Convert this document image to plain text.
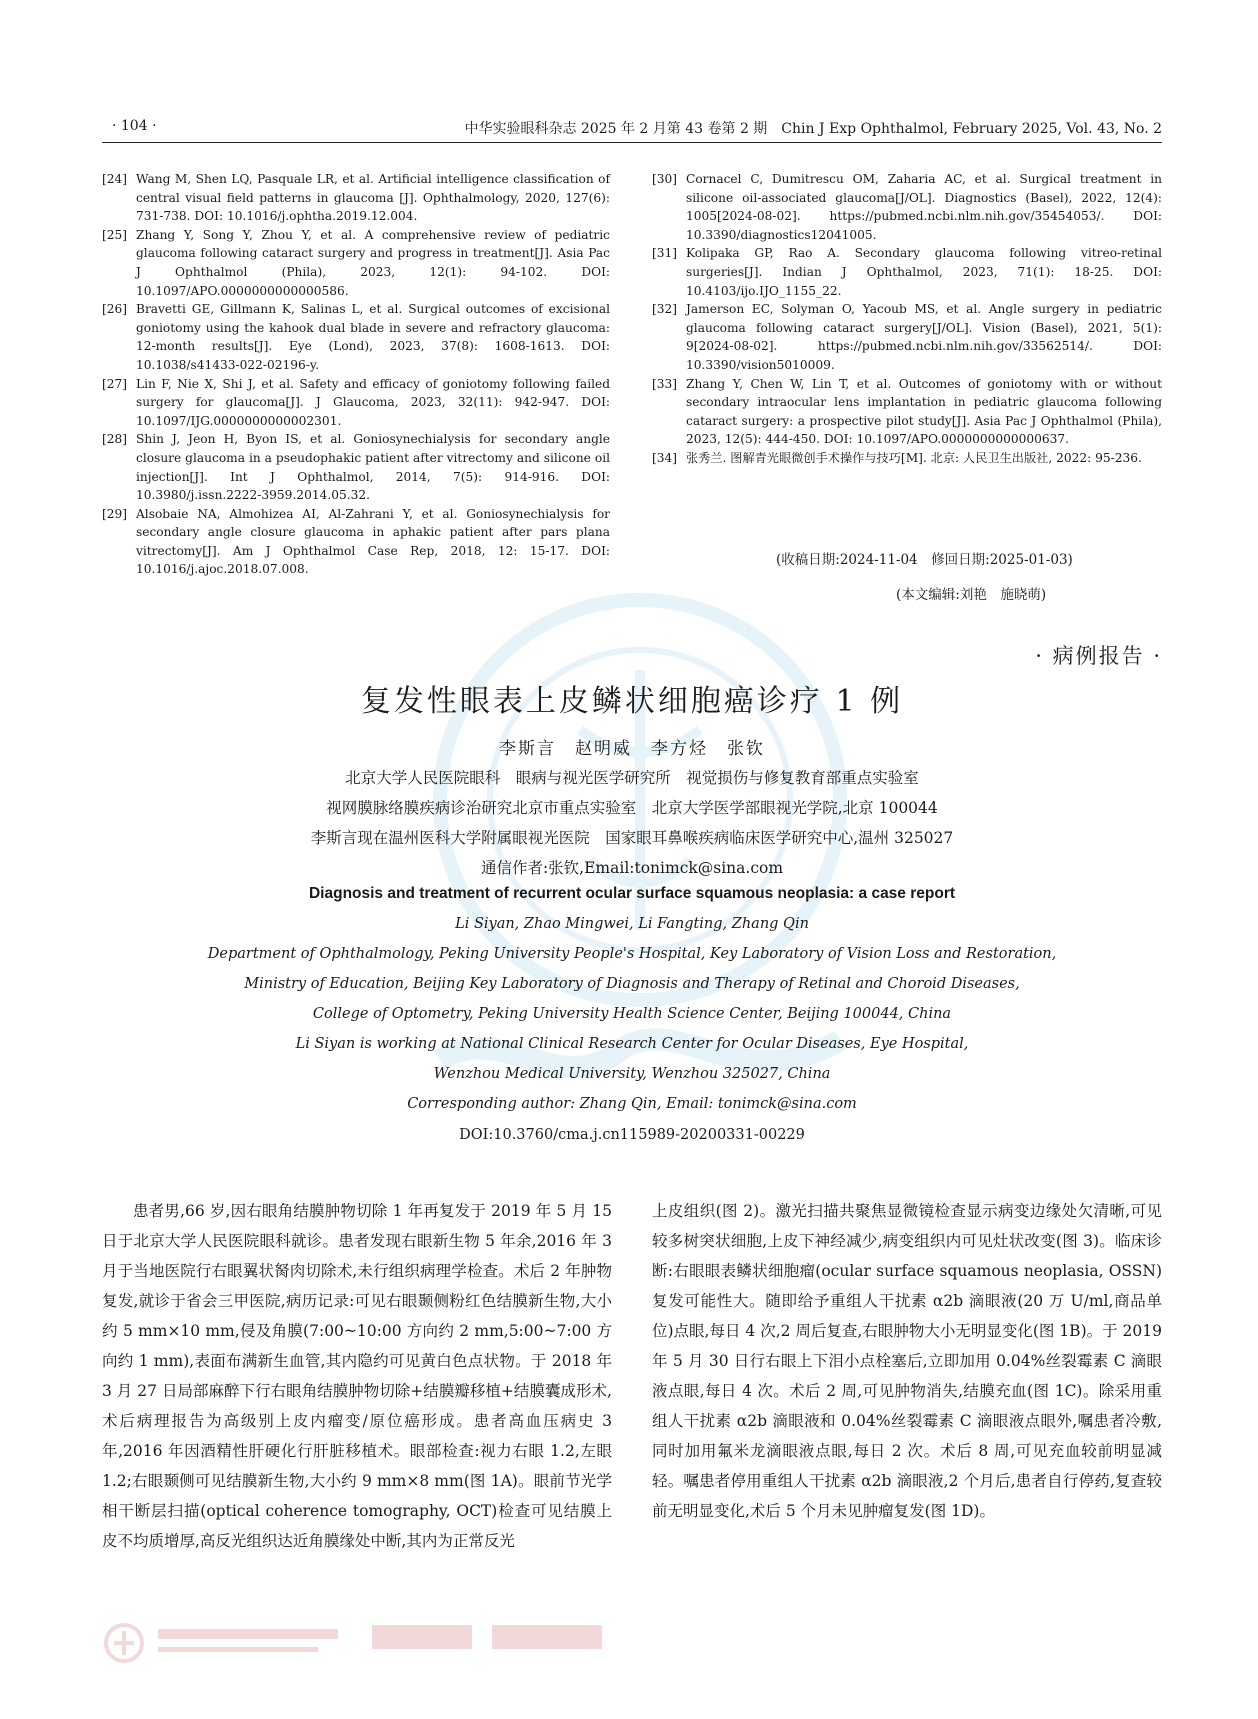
· 104 ·	中华实验眼科杂志 2025 年 2 月第 43 卷第 2 期　Chin J Exp Ophthalmol, February 2025, Vol. 43, No. 2
[24] Wang M, Shen LQ, Pasquale LR, et al. Artificial intelligence classification of central visual field patterns in glaucoma [J]. Ophthalmology, 2020, 127(6): 731-738. DOI: 10.1016/j.ophtha.2019.12.004.
[25] Zhang Y, Song Y, Zhou Y, et al. A comprehensive review of pediatric glaucoma following cataract surgery and progress in treatment[J]. Asia Pac J Ophthalmol (Phila), 2023, 12(1): 94-102. DOI: 10.1097/APO.0000000000000586.
[26] Bravetti GE, Gillmann K, Salinas L, et al. Surgical outcomes of excisional goniotomy using the kahook dual blade in severe and refractory glaucoma: 12-month results[J]. Eye (Lond), 2023, 37(8): 1608-1613. DOI: 10.1038/s41433-022-02196-y.
[27] Lin F, Nie X, Shi J, et al. Safety and efficacy of goniotomy following failed surgery for glaucoma[J]. J Glaucoma, 2023, 32(11): 942-947. DOI: 10.1097/IJG.0000000000002301.
[28] Shin J, Jeon H, Byon IS, et al. Goniosynechialysis for secondary angle closure glaucoma in a pseudophakic patient after vitrectomy and silicone oil injection[J]. Int J Ophthalmol, 2014, 7(5): 914-916. DOI: 10.3980/j.issn.2222-3959.2014.05.32.
[29] Alsobaie NA, Almohizea AI, Al-Zahrani Y, et al. Goniosynechialysis for secondary angle closure glaucoma in aphakic patient after pars plana vitrectomy[J]. Am J Ophthalmol Case Rep, 2018, 12: 15-17. DOI: 10.1016/j.ajoc.2018.07.008.
[30] Cornacel C, Dumitrescu OM, Zaharia AC, et al. Surgical treatment in silicone oil-associated glaucoma[J/OL]. Diagnostics (Basel), 2022, 12(4): 1005[2024-08-02]. https://pubmed.ncbi.nlm.nih.gov/35454053/. DOI: 10.3390/diagnostics12041005.
[31] Kolipaka GP, Rao A. Secondary glaucoma following vitreo-retinal surgeries[J]. Indian J Ophthalmol, 2023, 71(1): 18-25. DOI: 10.4103/ijo.IJO_1155_22.
[32] Jamerson EC, Solyman O, Yacoub MS, et al. Angle surgery in pediatric glaucoma following cataract surgery[J/OL]. Vision (Basel), 2021, 5(1): 9[2024-08-02]. https://pubmed.ncbi.nlm.nih.gov/33562514/. DOI: 10.3390/vision5010009.
[33] Zhang Y, Chen W, Lin T, et al. Outcomes of goniotomy with or without secondary intraocular lens implantation in pediatric glaucoma following cataract surgery: a prospective pilot study[J]. Asia Pac J Ophthalmol (Phila), 2023, 12(5): 444-450. DOI: 10.1097/APO.0000000000000637.
[34] 张秀兰. 图解青光眼微创手术操作与技巧[M]. 北京: 人民卫生出版社, 2022: 95-236.
(收稿日期:2024-11-04　修回日期:2025-01-03)
(本文编辑:刘艳　施晓萌)
· 病例报告 ·
复发性眼表上皮鳞状细胞癌诊疗 1 例
李斯言　赵明威　李方烃　张钦
北京大学人民医院眼科　眼病与视光医学研究所　视觉损伤与修复教育部重点实验室
视网膜脉络膜疾病诊治研究北京市重点实验室　北京大学医学部眼视光学院,北京 100044
李斯言现在温州医科大学附属眼视光医院　国家眼耳鼻喉疾病临床医学研究中心,温州 325027
通信作者:张钦,Email:tonimck@sina.com
Diagnosis and treatment of recurrent ocular surface squamous neoplasia: a case report
Li Siyan, Zhao Mingwei, Li Fangting, Zhang Qin
Department of Ophthalmology, Peking University People's Hospital, Key Laboratory of Vision Loss and Restoration,
Ministry of Education, Beijing Key Laboratory of Diagnosis and Therapy of Retinal and Choroid Diseases,
College of Optometry, Peking University Health Science Center, Beijing 100044, China
Li Siyan is working at National Clinical Research Center for Ocular Diseases, Eye Hospital,
Wenzhou Medical University, Wenzhou 325027, China
Corresponding author: Zhang Qin, Email: tonimck@sina.com
DOI:10.3760/cma.j.cn115989-20200331-00229

患者男,66 岁,因右眼角结膜肿物切除 1 年再复发于 2019 年 5 月 15 日于北京大学人民医院眼科就诊。患者发现右眼新生物 5 年余,2016 年 3 月于当地医院行右眼翼状胬肉切除术,未行组织病理学检查。术后 2 年肿物复发,就诊于省会三甲医院,病历记录:可见右眼颞侧粉红色结膜新生物,大小约 5 mm×10 mm,侵及角膜(7:00~10:00 方向约 2 mm,5:00~7:00 方向约 1 mm),表面布满新生血管,其内隐约可见黄白色点状物。于 2018 年 3 月 27 日局部麻醉下行右眼角结膜肿物切除+结膜瓣移植+结膜囊成形术,术后病理报告为高级别上皮内瘤变/原位癌形成。患者高血压病史 3 年,2016 年因酒精性肝硬化行肝脏移植术。眼部检查:视力右眼 1.2,左眼 1.2;右眼颞侧可见结膜新生物,大小约 9 mm×8 mm(图 1A)。眼前节光学相干断层扫描(optical coherence tomography, OCT)检查可见结膜上皮不均质增厚,高反光组织达近角膜缘处中断,其内为正常反光

上皮组织(图 2)。激光扫描共聚焦显微镜检查显示病变边缘处欠清晰,可见较多树突状细胞,上皮下神经减少,病变组织内可见灶状改变(图 3)。临床诊断:右眼眼表鳞状细胞瘤(ocular surface squamous neoplasia, OSSN)复发可能性大。随即给予重组人干扰素 α2b 滴眼液(20 万 U/ml,商品单位)点眼,每日 4 次,2 周后复查,右眼肿物大小无明显变化(图 1B)。于 2019 年 5 月 30 日行右眼上下泪小点栓塞后,立即加用 0.04%丝裂霉素 C 滴眼液点眼,每日 4 次。术后 2 周,可见肿物消失,结膜充血(图 1C)。除采用重组人干扰素 α2b 滴眼液和 0.04%丝裂霉素 C 滴眼液点眼外,嘱患者冷敷,同时加用氟米龙滴眼液点眼,每日 2 次。术后 8 周,可见充血较前明显减轻。嘱患者停用重组人干扰素 α2b 滴眼液,2 个月后,患者自行停药,复查较前无明显变化,术后 5 个月未见肿瘤复发(图 1D)。
